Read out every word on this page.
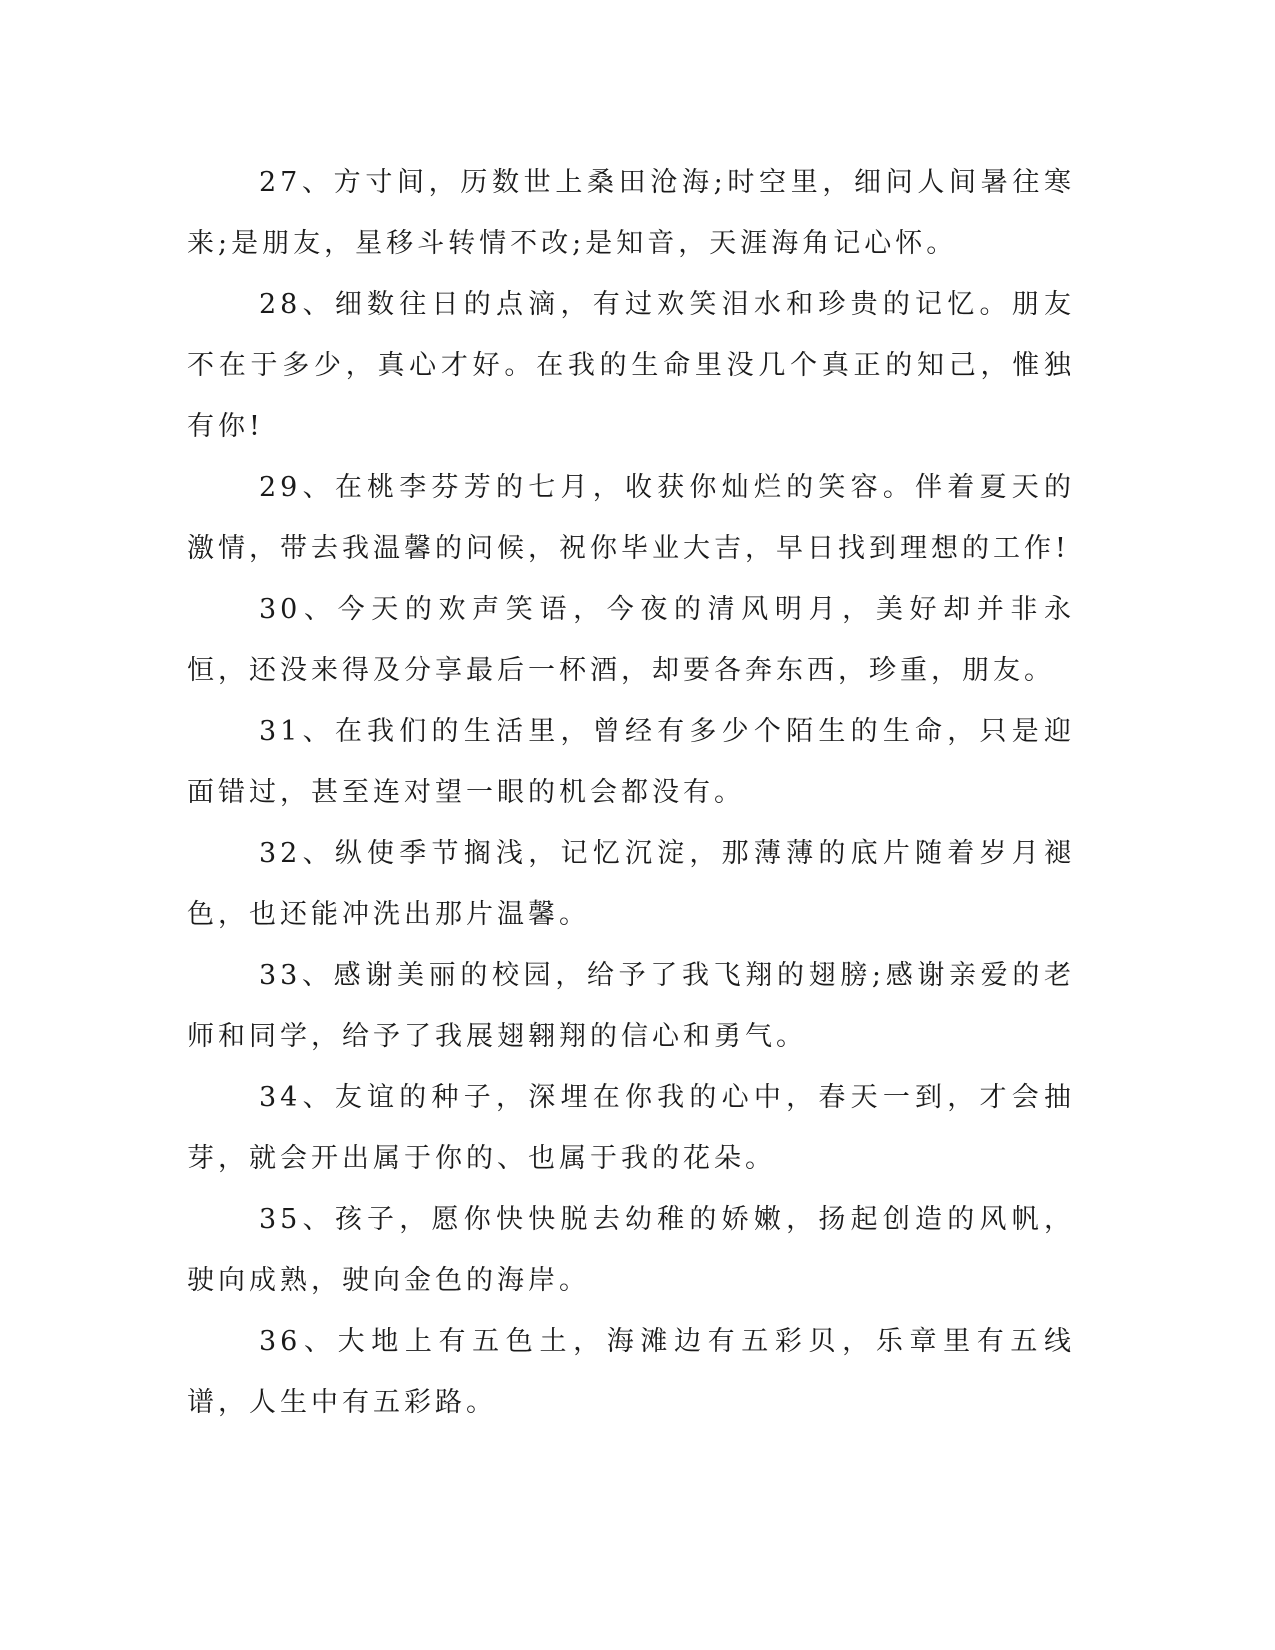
27、方寸间，历数世上桑田沧海;时空里，细问人间暑往寒来;是朋友，星移斗转情不改;是知音，天涯海角记心怀。

28、细数往日的点滴，有过欢笑泪水和珍贵的记忆。朋友不在于多少，真心才好。在我的生命里没几个真正的知己，惟独有你!

29、在桃李芬芳的七月，收获你灿烂的笑容。伴着夏天的激情，带去我温馨的问候，祝你毕业大吉，早日找到理想的工作!

30、今天的欢声笑语，今夜的清风明月，美好却并非永恒，还没来得及分享最后一杯酒，却要各奔东西，珍重，朋友。

31、在我们的生活里，曾经有多少个陌生的生命，只是迎面错过，甚至连对望一眼的机会都没有。

32、纵使季节搁浅，记忆沉淀，那薄薄的底片随着岁月褪色，也还能冲洗出那片温馨。

33、感谢美丽的校园，给予了我飞翔的翅膀;感谢亲爱的老师和同学，给予了我展翅翱翔的信心和勇气。

34、友谊的种子，深埋在你我的心中，春天一到，才会抽芽，就会开出属于你的、也属于我的花朵。

35、孩子，愿你快快脱去幼稚的娇嫩，扬起创造的风帆，驶向成熟，驶向金色的海岸。

36、大地上有五色土，海滩边有五彩贝，乐章里有五线谱，人生中有五彩路。
